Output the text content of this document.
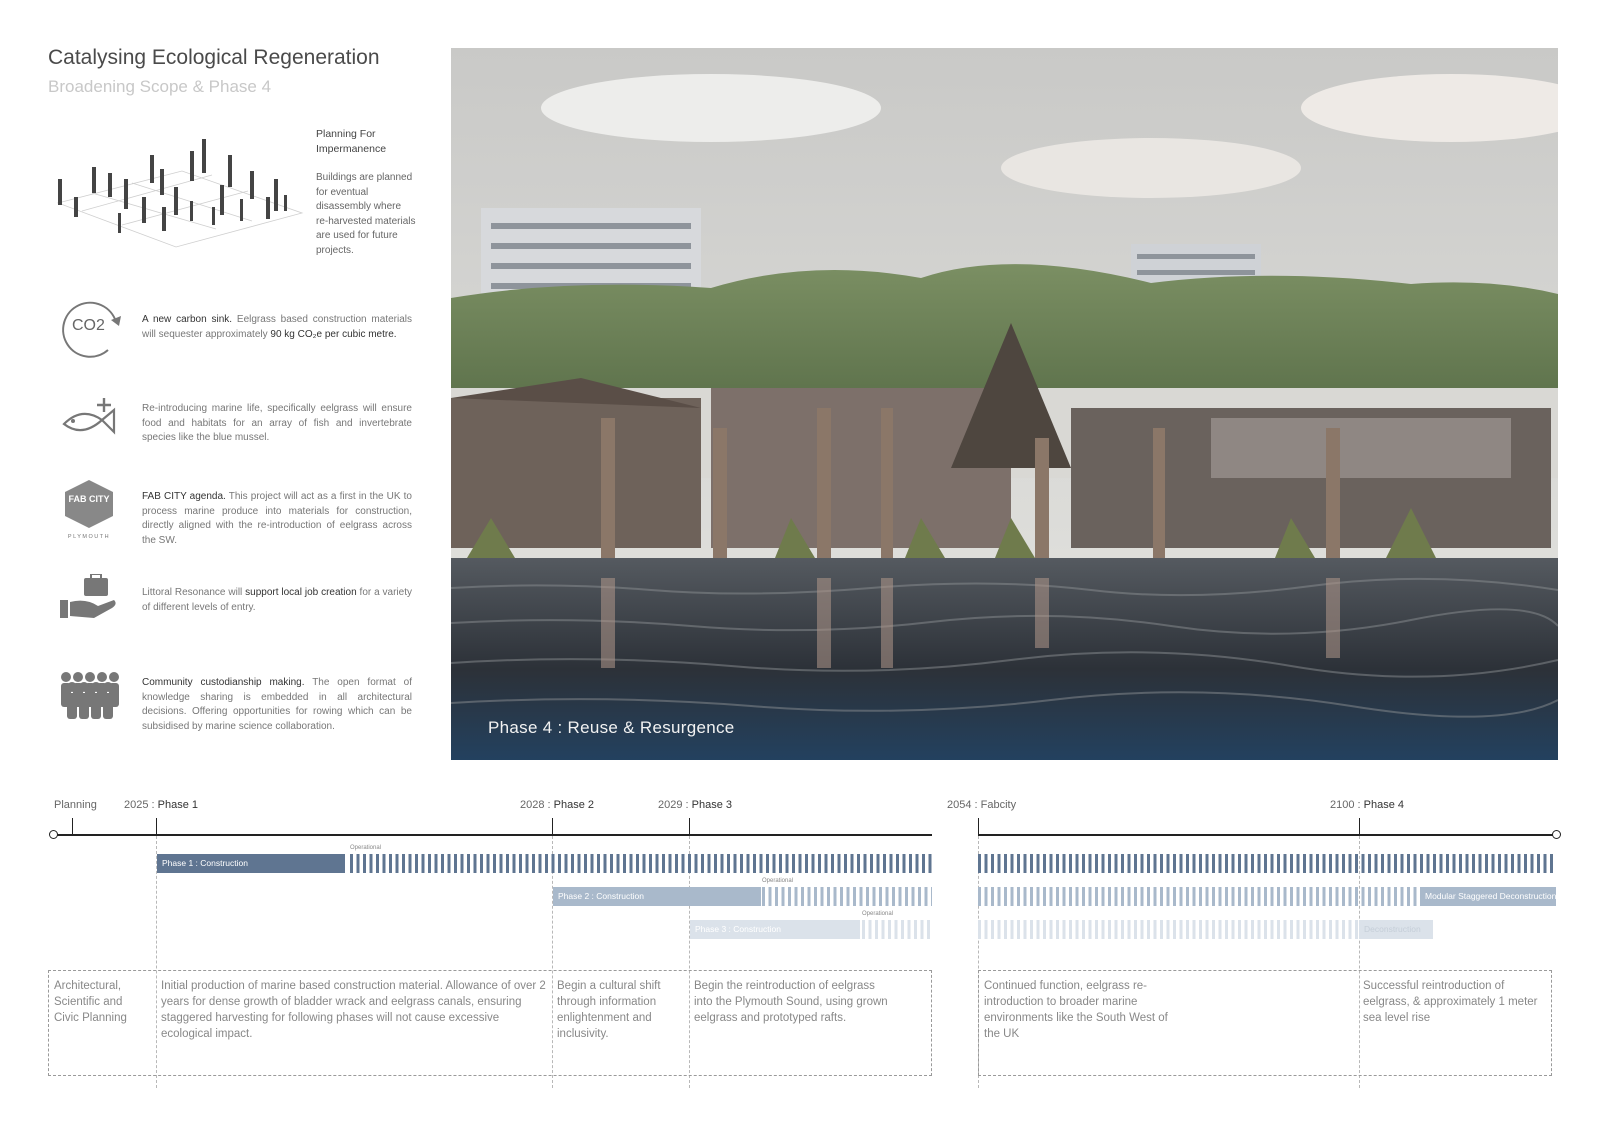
Catalysing Ecological Regeneration
Broadening Scope & Phase 4
Planning For Impermanence
Buildings are planned for eventual disassembly where re-harvested materials are used for future projects.
CO2	A new carbon sink. Eelgrass based construction materials will sequester approximately 90 kg CO₂e per cubic metre.
Re-introducing marine life, specifically eelgrass will ensure food and habitats for an array of fish and invertebrate species like the blue mussel.
FAB CITY
PLYMOUTH
FAB CITY agenda. This project will act as a first in the UK to process marine produce into materials for construction, directly aligned with the re-introduction of eelgrass across the SW.
Littoral Resonance will support local job creation for a variety of different levels of entry.
Community custodianship making. The open format of knowledge sharing is embedded in all architectural decisions. Offering opportunities for rowing which can be subsidised by marine science collaboration.	Phase 4 : Reuse & Resurgence
Planning 2025 : Phase 1	2028 : Phase 2	2029 : Phase 3	2054 : Fabcity	2100 : Phase 4
Phase 1 : Construction
Operational
Phase 2 : Construction
Operational
Modular Staggered Deconstruction
Phase 3 : Construction
Operational
Deconstruction
Architectural, Scientific and Civic Planning
Initial production of marine based construction material. Allowance of over 2 years for dense growth of bladder wrack and eelgrass canals, ensuring staggered harvesting for following phases will not cause excessive ecological impact.
Begin a cultural shift through information enlightenment and inclusivity.
Begin the reintroduction of eelgrass into the Plymouth Sound, using grown eelgrass and prototyped rafts.
Continued function, eelgrass re-introduction to broader marine environments like the South West of the UK
Successful reintroduction of eelgrass, & approximately 1 meter sea level rise
